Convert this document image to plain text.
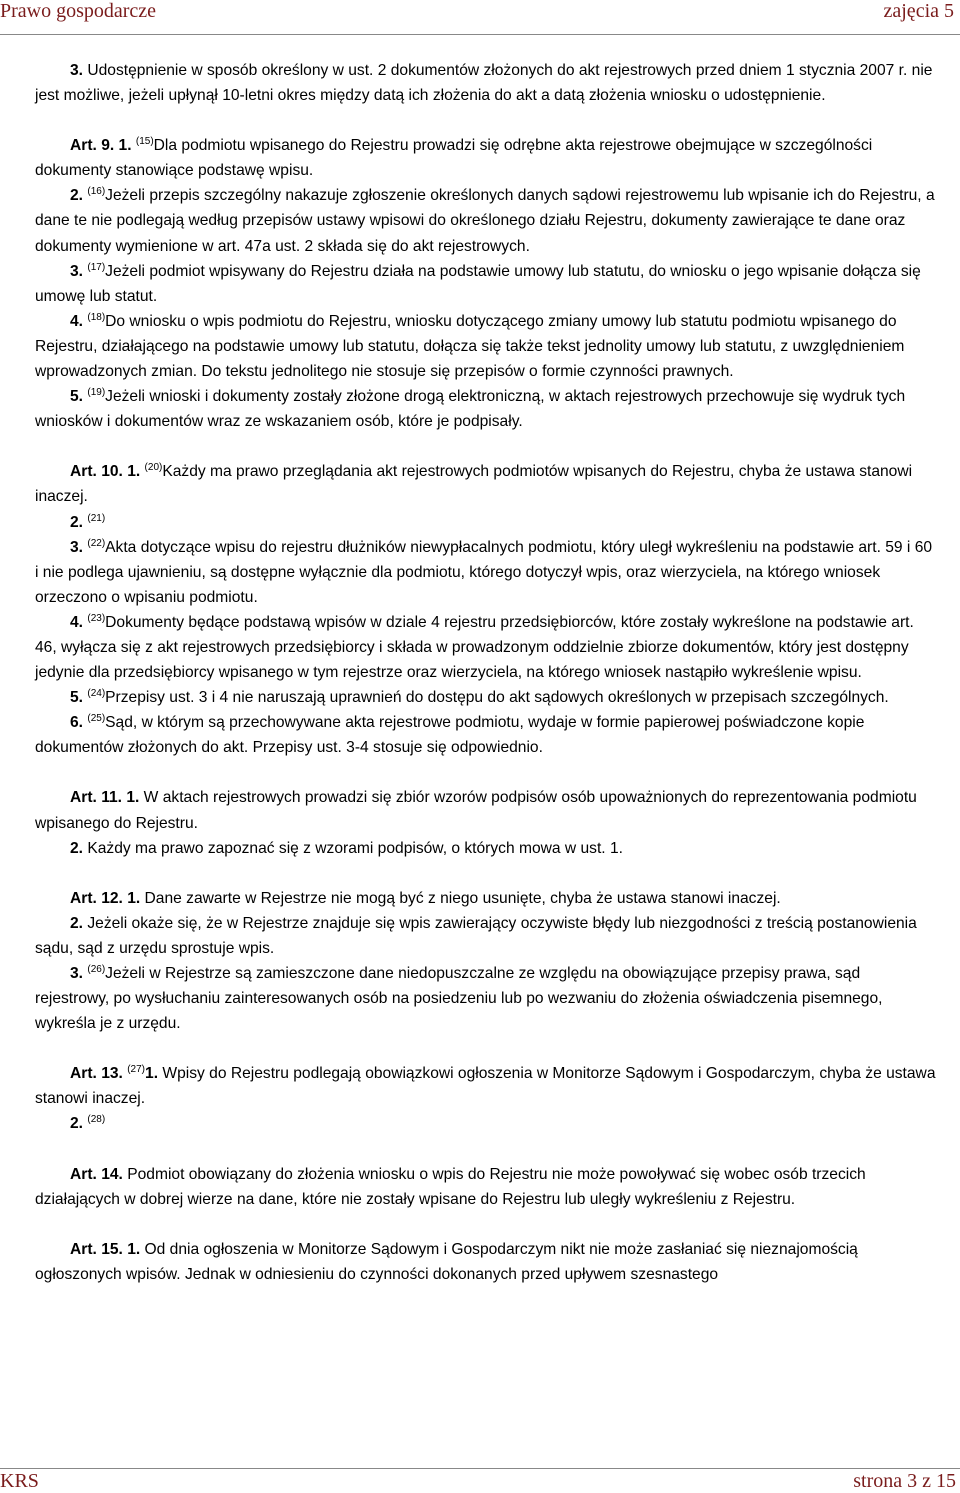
Prawo gospodarcze	zajęcia 5

3. Udostępnienie w sposób określony w ust. 2 dokumentów złożonych do akt rejestrowych przed dniem 1 stycznia 2007 r. nie jest możliwe, jeżeli upłynął 10-letni okres między datą ich złożenia do akt a datą złożenia wniosku o udostępnienie.

Art. 9. 1. $^{(15)}$Dla podmiotu wpisanego do Rejestru prowadzi się odrębne akta rejestrowe obejmujące w szczególności dokumenty stanowiące podstawę wpisu.

2. $^{(16)}$Jeżeli przepis szczególny nakazuje zgłoszenie określonych danych sądowi rejestrowemu lub wpisanie ich do Rejestru, a dane te nie podlegają według przepisów ustawy wpisowi do określonego działu Rejestru, dokumenty zawierające te dane oraz dokumenty wymienione w art. 47a ust. 2 składa się do akt rejestrowych.

3. $^{(17)}$Jeżeli podmiot wpisywany do Rejestru działa na podstawie umowy lub statutu, do wniosku o jego wpisanie dołącza się umowę lub statut.

4. $^{(18)}$Do wniosku o wpis podmiotu do Rejestru, wniosku dotyczącego zmiany umowy lub statutu podmiotu wpisanego do Rejestru, działającego na podstawie umowy lub statutu, dołącza się także tekst jednolity umowy lub statutu, z uwzględnieniem wprowadzonych zmian. Do tekstu jednolitego nie stosuje się przepisów o formie czynności prawnych.

5. $^{(19)}$Jeżeli wnioski i dokumenty zostały złożone drogą elektroniczną, w aktach rejestrowych przechowuje się wydruk tych wniosków i dokumentów wraz ze wskazaniem osób, które je podpisały.

Art. 10. 1. $^{(20)}$Każdy ma prawo przeglądania akt rejestrowych podmiotów wpisanych do Rejestru, chyba że ustawa stanowi inaczej.

2. $^{(21)}$

3. $^{(22)}$Akta dotyczące wpisu do rejestru dłużników niewypłacalnych podmiotu, który uległ wykreśleniu na podstawie art. 59 i 60 i nie podlega ujawnieniu, są dostępne wyłącznie dla podmiotu, którego dotyczył wpis, oraz wierzyciela, na którego wniosek orzeczono o wpisaniu podmiotu.

4. $^{(23)}$Dokumenty będące podstawą wpisów w dziale 4 rejestru przedsiębiorców, które zostały wykreślone na podstawie art. 46, wyłącza się z akt rejestrowych przedsiębiorcy i składa w prowadzonym oddzielnie zbiorze dokumentów, który jest dostępny jedynie dla przedsiębiorcy wpisanego w tym rejestrze oraz wierzyciela, na którego wniosek nastąpiło wykreślenie wpisu.

5. $^{(24)}$Przepisy ust. 3 i 4 nie naruszają uprawnień do dostępu do akt sądowych określonych w przepisach szczególnych.

6. $^{(25)}$Sąd, w którym są przechowywane akta rejestrowe podmiotu, wydaje w formie papierowej poświadczone kopie dokumentów złożonych do akt. Przepisy ust. 3-4 stosuje się odpowiednio.

Art. 11. 1. W aktach rejestrowych prowadzi się zbiór wzorów podpisów osób upoważnionych do reprezentowania podmiotu wpisanego do Rejestru.

2. Każdy ma prawo zapoznać się z wzorami podpisów, o których mowa w ust. 1.

Art. 12. 1. Dane zawarte w Rejestrze nie mogą być z niego usunięte, chyba że ustawa stanowi inaczej.

2. Jeżeli okaże się, że w Rejestrze znajduje się wpis zawierający oczywiste błędy lub niezgodności z treścią postanowienia sądu, sąd z urzędu sprostuje wpis.

3. $^{(26)}$Jeżeli w Rejestrze są zamieszczone dane niedopuszczalne ze względu na obowiązujące przepisy prawa, sąd rejestrowy, po wysłuchaniu zainteresowanych osób na posiedzeniu lub po wezwaniu do złożenia oświadczenia pisemnego, wykreśla je z urzędu.

Art. 13. $^{(27)}$1. Wpisy do Rejestru podlegają obowiązkowi ogłoszenia w Monitorze Sądowym i Gospodarczym, chyba że ustawa stanowi inaczej.

2. $^{(28)}$

Art. 14. Podmiot obowiązany do złożenia wniosku o wpis do Rejestru nie może powoływać się wobec osób trzecich działających w dobrej wierze na dane, które nie zostały wpisane do Rejestru lub uległy wykreśleniu z Rejestru.

Art. 15. 1. Od dnia ogłoszenia w Monitorze Sądowym i Gospodarczym nikt nie może zasłaniać się nieznajomością ogłoszonych wpisów. Jednak w odniesieniu do czynności dokonanych przed upływem szesnastego

KRS	strona 3 z 15
